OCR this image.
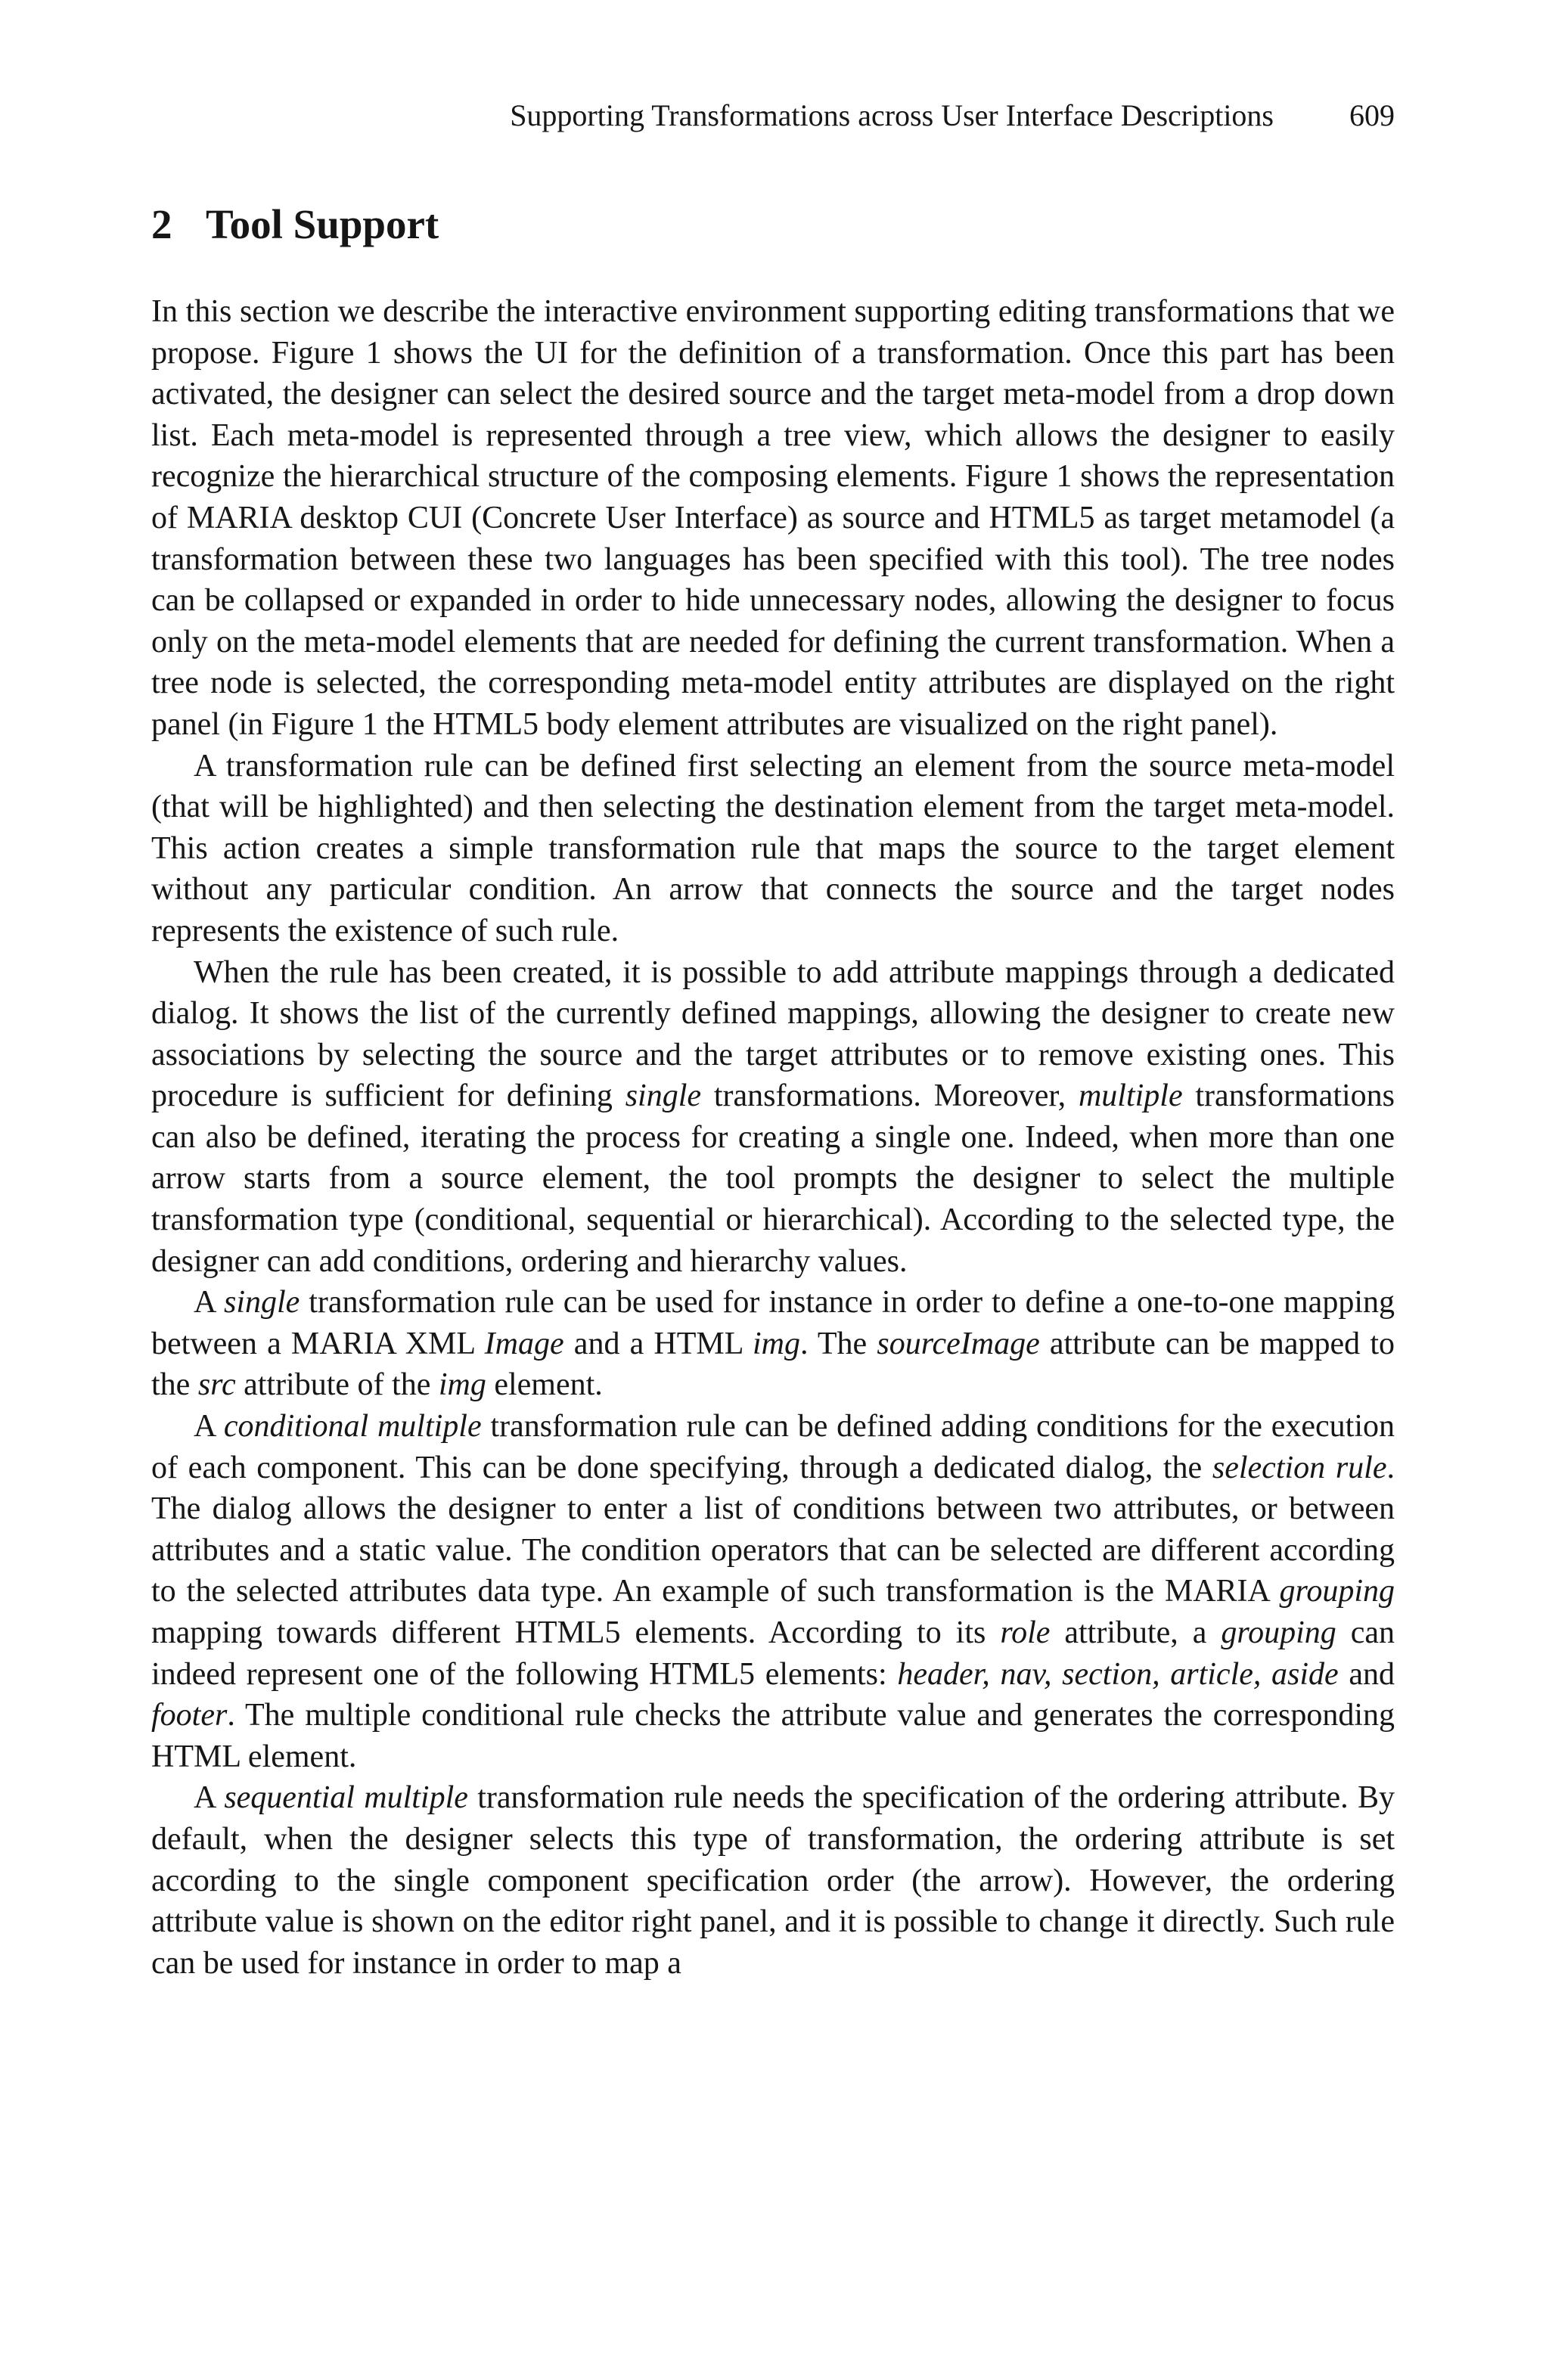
Supporting Transformations across User Interface Descriptions	609
2 Tool Support

In this section we describe the interactive environment supporting editing transformations that we propose. Figure 1 shows the UI for the definition of a transformation. Once this part has been activated, the designer can select the desired source and the target meta-model from a drop down list. Each meta-model is represented through a tree view, which allows the designer to easily recognize the hierarchical structure of the composing elements. Figure 1 shows the representation of MARIA desktop CUI (Concrete User Interface) as source and HTML5 as target metamodel (a transformation between these two languages has been specified with this tool). The tree nodes can be collapsed or expanded in order to hide unnecessary nodes, allowing the designer to focus only on the meta-model elements that are needed for defining the current transformation. When a tree node is selected, the corresponding meta-model entity attributes are displayed on the right panel (in Figure 1 the HTML5 body element attributes are visualized on the right panel).

A transformation rule can be defined first selecting an element from the source meta-model (that will be highlighted) and then selecting the destination element from the target meta-model. This action creates a simple transformation rule that maps the source to the target element without any particular condition. An arrow that connects the source and the target nodes represents the existence of such rule.

When the rule has been created, it is possible to add attribute mappings through a dedicated dialog. It shows the list of the currently defined mappings, allowing the designer to create new associations by selecting the source and the target attributes or to remove existing ones. This procedure is sufficient for defining single transformations. Moreover, multiple transformations can also be defined, iterating the process for creating a single one. Indeed, when more than one arrow starts from a source element, the tool prompts the designer to select the multiple transformation type (conditional, sequential or hierarchical). According to the selected type, the designer can add conditions, ordering and hierarchy values.

A single transformation rule can be used for instance in order to define a one-to-one mapping between a MARIA XML Image and a HTML img. The sourceImage attribute can be mapped to the src attribute of the img element.

A conditional multiple transformation rule can be defined adding conditions for the execution of each component. This can be done specifying, through a dedicated dialog, the selection rule. The dialog allows the designer to enter a list of conditions between two attributes, or between attributes and a static value. The condition operators that can be selected are different according to the selected attributes data type. An example of such transformation is the MARIA grouping mapping towards different HTML5 elements. According to its role attribute, a grouping can indeed represent one of the following HTML5 elements: header, nav, section, article, aside and footer. The multiple conditional rule checks the attribute value and generates the corresponding HTML element.

A sequential multiple transformation rule needs the specification of the ordering attribute. By default, when the designer selects this type of transformation, the ordering attribute is set according to the single component specification order (the arrow). However, the ordering attribute value is shown on the editor right panel, and it is possible to change it directly. Such rule can be used for instance in order to map a
